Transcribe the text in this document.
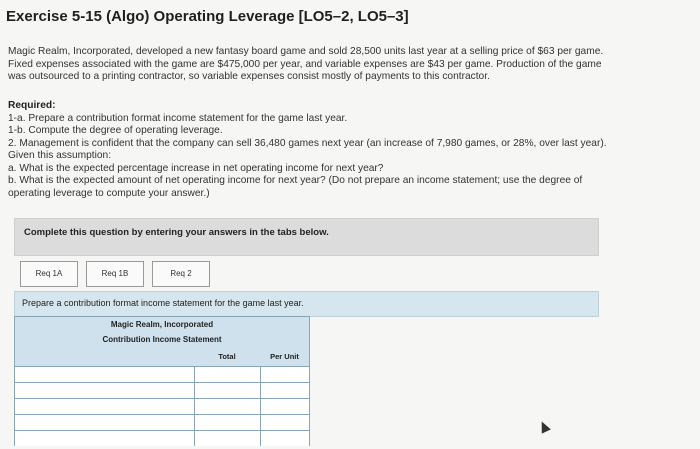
Exercise 5-15 (Algo) Operating Leverage [LO5–2, LO5–3]
Magic Realm, Incorporated, developed a new fantasy board game and sold 28,500 units last year at a selling price of $63 per game.
Fixed expenses associated with the game are $475,000 per year, and variable expenses are $43 per game. Production of the game
was outsourced to a printing contractor, so variable expenses consist mostly of payments to this contractor.
Required:
1-a. Prepare a contribution format income statement for the game last year.
1-b. Compute the degree of operating leverage.
2. Management is confident that the company can sell 36,480 games next year (an increase of 7,980 games, or 28%, over last year).
Given this assumption:
a. What is the expected percentage increase in net operating income for next year?
b. What is the expected amount of net operating income for next year? (Do not prepare an income statement; use the degree of
operating leverage to compute your answer.)
Complete this question by entering your answers in the tabs below.
Req 1A	Req 1B	Req 2
Prepare a contribution format income statement for the game last year.
Magic Realm, Incorporated
Contribution Income Statement
Total	Per Unit
